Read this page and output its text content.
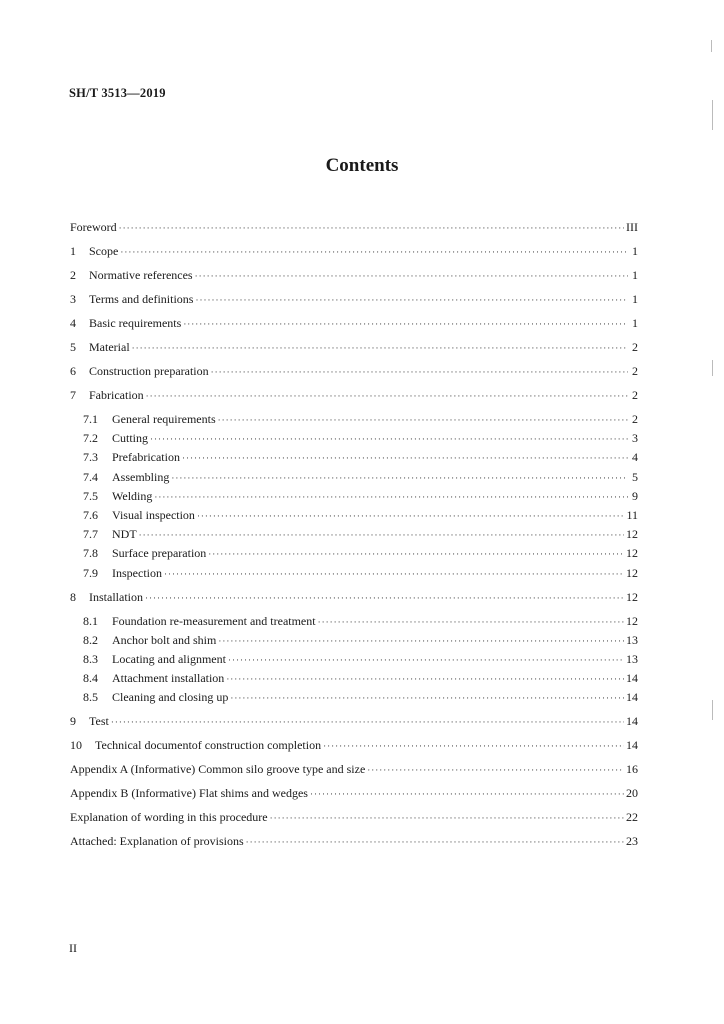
SH/T 3513—2019
Contents
Foreword ·····	III
1	Scope ·····	1
2	Normative references ·····	1
3	Terms and definitions ·····	1
4	Basic requirements ·····	1
5	Material ·····	2
6	Construction preparation ·····	2
7	Fabrication ·····	2
7.1	General requirements ·····	2
7.2	Cutting ·····	3
7.3	Prefabrication ·····	4
7.4	Assembling ·····	5
7.5	Welding ·····	9
7.6	Visual inspection ·····	11
7.7	NDT ·····	12
7.8	Surface preparation ·····	12
7.9	Inspection ·····	12
8	Installation ·····	12
8.1	Foundation re-measurement and treatment ·····	12
8.2	Anchor bolt and shim ·····	13
8.3	Locating and alignment ·····	13
8.4	Attachment installation ·····	14
8.5	Cleaning and closing up ·····	14
9	Test ·····	14
10	Technical documentof construction completion ·····	14
Appendix A (Informative) Common silo groove type and size ·····	16
Appendix B (Informative) Flat shims and wedges ·····	20
Explanation of wording in this procedure ·····	22
Attached: Explanation of provisions ·····	23
II
